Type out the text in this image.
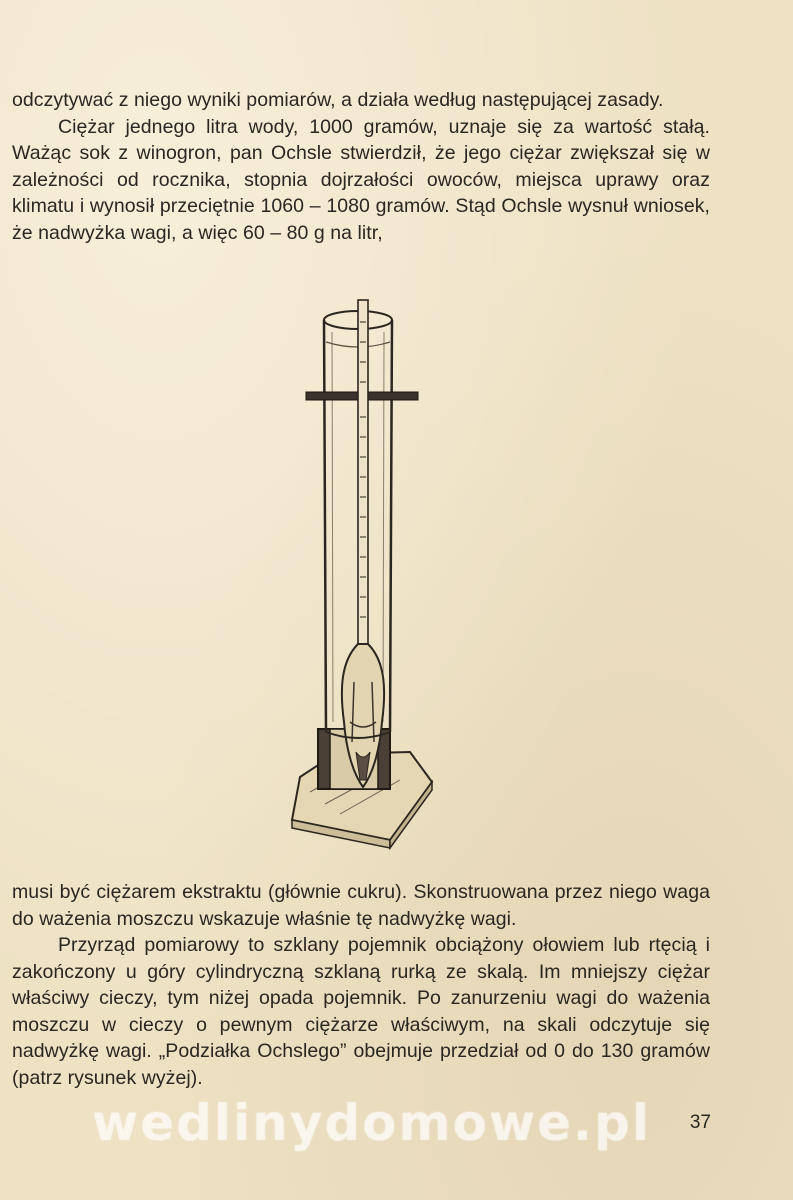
odczytywać z niego wyniki pomiarów, a działa według następującej zasady.

Ciężar jednego litra wody, 1000 gramów, uznaje się za wartość stałą. Ważąc sok z winogron, pan Ochsle stwierdził, że jego ciężar zwiększał się w zależności od rocznika, stopnia dojrzałości owoców, miejsca uprawy oraz klimatu i wynosił przeciętnie 1060 – 1080 gramów. Stąd Ochsle wysnuł wniosek, że nadwyżka wagi, a więc 60 – 80 g na litr,

musi być ciężarem ekstraktu (głównie cukru). Skonstruowana przez niego waga do ważenia moszczu wskazuje właśnie tę nadwyżkę wagi.

Przyrząd pomiarowy to szklany pojemnik obciążony ołowiem lub rtęcią i zakończony u góry cylindryczną szklaną rurką ze skalą. Im mniejszy ciężar właściwy cieczy, tym niżej opada pojemnik. Po zanurzeniu wagi do ważenia moszczu w cieczy o pewnym ciężarze właściwym, na skali odczytuje się nadwyżkę wagi. „Podziałka Ochslego” obejmuje przedział od 0 do 130 gramów (patrz rysunek wyżej).

wedlinydomowe.pl 37
